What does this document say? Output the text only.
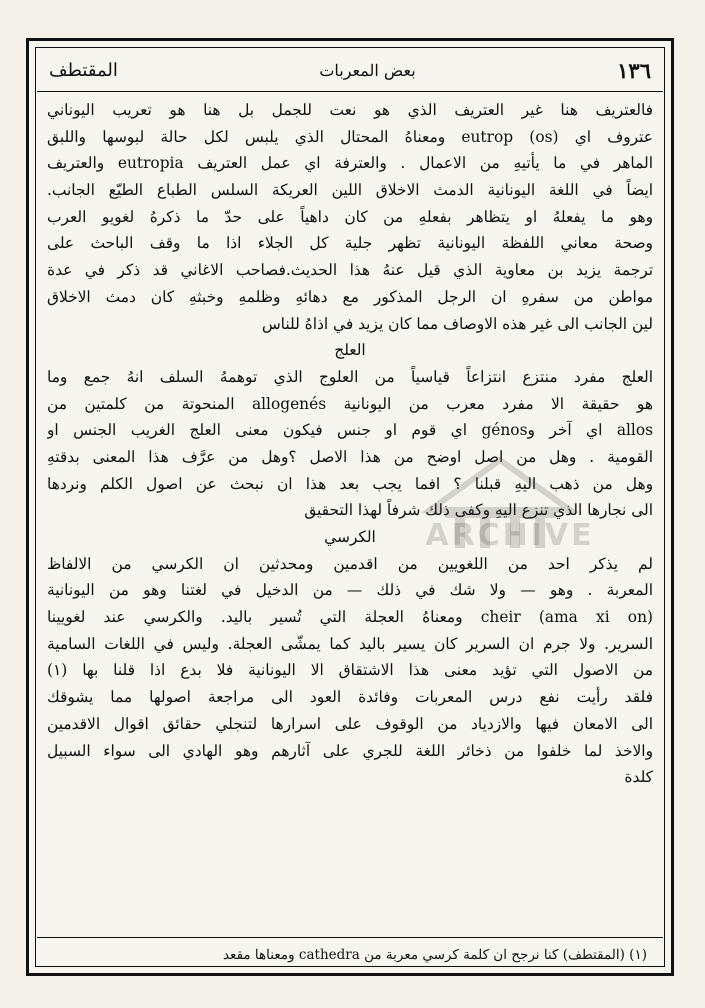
١٣٦
بعض المعربات
المقتطف
فالعتريف هنا غير العتريف الذي هو نعت للجمل بل هنا هو تعريب اليوناني
عتروف اي (eutrop (os ومعناهُ المحتال الذي يلبس لكل حالة لبوسها واللبق
الماهر في ما يأتيهِ من الاعمال . والعترفة اي عمل العتريف eutropia والعتريف
ايضاً في اللغة اليونانية الدمث الاخلاق اللين العريكة السلس الطباع الطيّع الجانب.
وهو ما يفعلهُ او يتظاهر بفعلهِ من كان داهياً على حدّ ما ذكرهُ لغويو العرب
وصحة معاني اللفظة اليونانية تظهر جلية كل الجلاء اذا ما وقف الباحث على
ترجمة يزيد بن معاوية الذي قيل عنهُ هذا الحديث.فصاحب الاغاني قد ذكر في عدة
مواطن من سفرهِ ان الرجل المذكور مع دهائهِ وظلمهِ وخبثهِ كان دمث الاخلاق
لين الجانب الى غير هذه الاوصاف مما كان يزيد في اذاهُ للناس
العلج
العلج مفرد منتزع انتزاعاً قياسياً من العلوج الذي توهمهُ السلف انهُ جمع وما
هو حقيقة الا مفرد معرب من اليونانية allogenés المنحوتة من كلمتين من
allos اي آخر وgénos اي قوم او جنس فيكون معنى العلج الغريب الجنس او
القومية . وهل من اصل اوضح من هذا الاصل ؟وهل من عرَّف هذا المعنى بدقتهِ
وهل من ذهب اليهِ قبلنا ؟ افما يجب بعد هذا ان نبحث عن اصول الكلم ونردها
الى نجارها الذي تنزع اليهِ وكفى ذلك شرفاً لهذا التحقيق
الكرسي
لم يذكر احد من اللغويين من اقدمين ومحدثين ان الكرسي من الالفاظ
المعربة . وهو — ولا شك في ذلك — من الدخيل في لغتنا وهو من اليونانية
cheir (ama xi on) ومعناهُ العجلة التي تُسير باليد. والكرسي عند لغويينا
السرير. ولا جرم ان السرير كان يسير باليد كما يمشّى العجلة. وليس في اللغات السامية
من الاصول التي تؤيد معنى هذا الاشتقاق الا اليونانية فلا بدع اذا قلنا بها (١)
فلقد رأيت نفع درس المعربات وفائدة العود الى مراجعة اصولها مما يشوقك
الى الامعان فيها والازدياد من الوقوف على اسرارها لتنجلي حقائق اقوال الاقدمين
والاخذ لما خلفوا من ذخائر اللغة للجري على آثارهم وهو الهادي الى سواء السبيل
كلدة
(١) (المقتطف) كنا نرجح ان كلمة كرسي معربة من cathedra ومعناها مقعد
